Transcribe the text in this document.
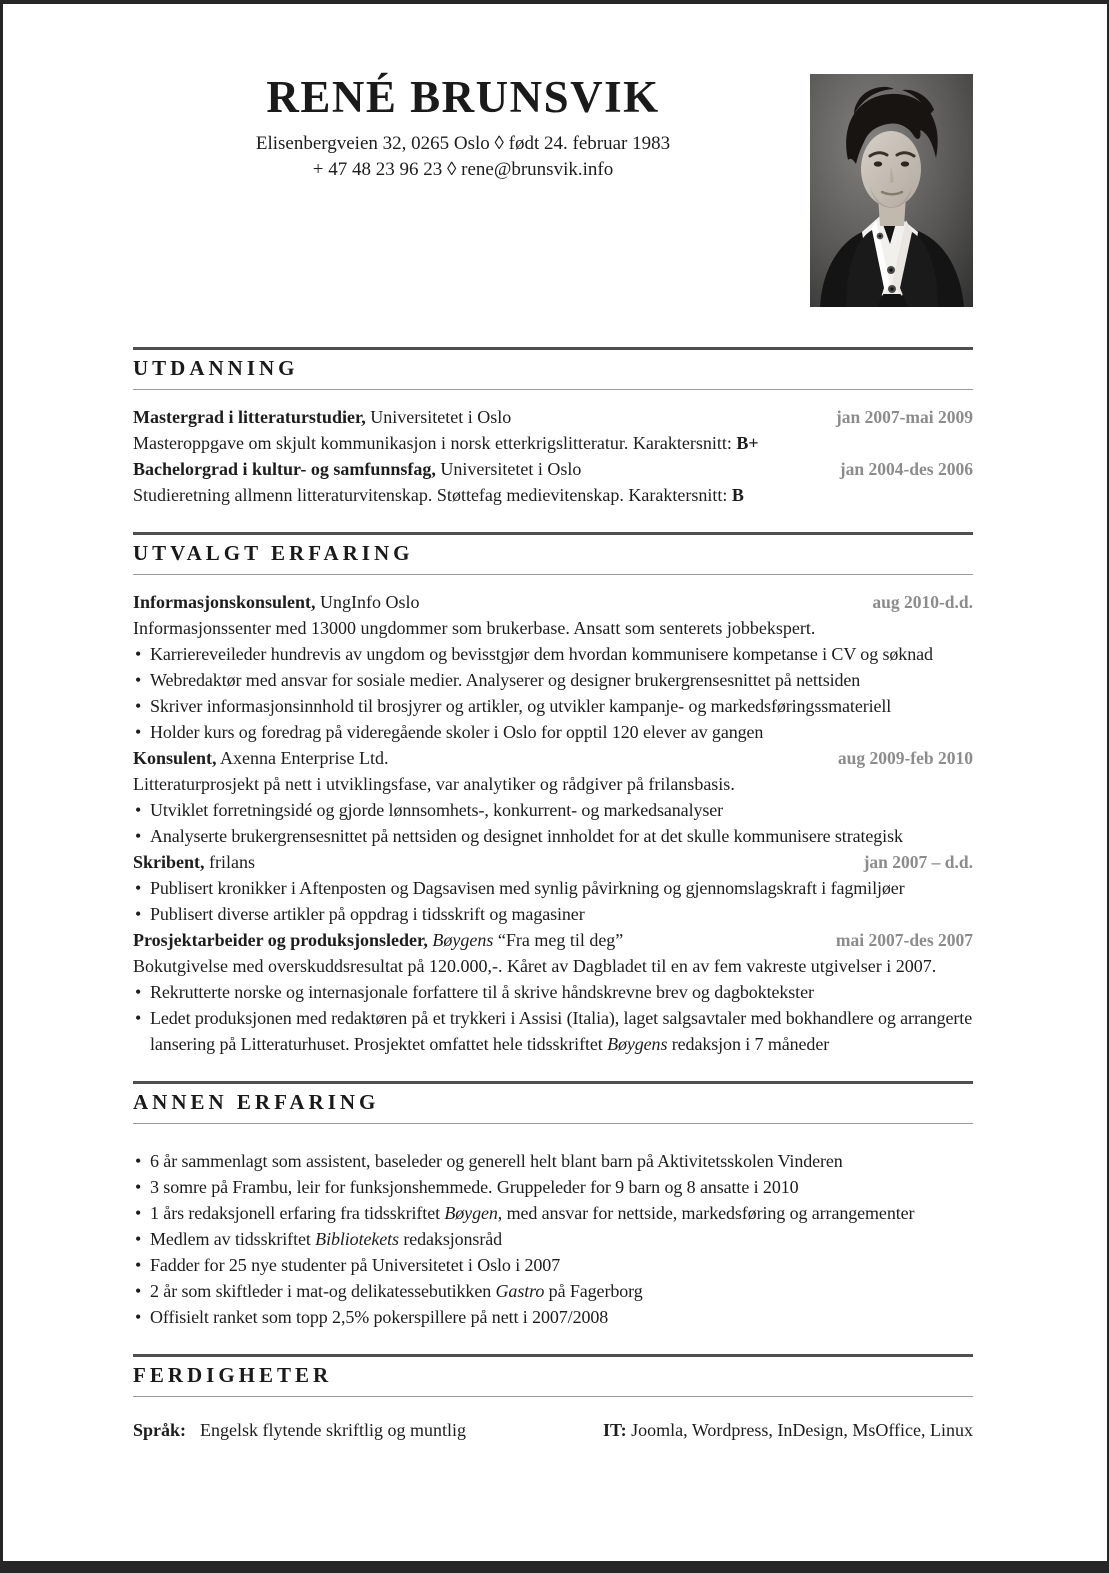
RENÉ BRUNSVIK

Elisenbergveien 32, 0265 Oslo ◊ født 24. februar 1983

+ 47 48 23 96 23 ◊ rene@brunsvik.info

UTDANNING
Mastergrad i litteraturstudier, Universitetet i Oslo	jan 2007-mai 2009

Masteroppgave om skjult kommunikasjon i norsk etterkrigslitteratur. Karaktersnitt: B+

Bachelorgrad i kultur- og samfunnsfag, Universitetet i Oslo	jan 2004-des 2006

Studieretning allmenn litteraturvitenskap. Støttefag medievitenskap. Karaktersnitt: B

UTVALGT ERFARING
Informasjonskonsulent, UngInfo Oslo	aug 2010-d.d.

Informasjonssenter med 13000 ungdommer som brukerbase. Ansatt som senterets jobbekspert.

• Karriereveileder hundrevis av ungdom og bevisstgjør dem hvordan kommunisere kompetanse i CV og søknad
• Webredaktør med ansvar for sosiale medier. Analyserer og designer brukergrensesnittet på nettsiden
• Skriver informasjonsinnhold til brosjyrer og artikler, og utvikler kampanje- og markedsføringssmateriell
• Holder kurs og foredrag på videregående skoler i Oslo for opptil 120 elever av gangen
Konsulent, Axenna Enterprise Ltd.	aug 2009-feb 2010

Litteraturprosjekt på nett i utviklingsfase, var analytiker og rådgiver på frilansbasis.

• Utviklet forretningsidé og gjorde lønnsomhets-, konkurrent- og markedsanalyser
• Analyserte brukergrensesnittet på nettsiden og designet innholdet for at det skulle kommunisere strategisk
Skribent, frilans	jan 2007 – d.d.
• Publisert kronikker i Aftenposten og Dagsavisen med synlig påvirkning og gjennomslagskraft i fagmiljøer
• Publisert diverse artikler på oppdrag i tidsskrift og magasiner
Prosjektarbeider og produksjonsleder, Bøygens “Fra meg til deg”	mai 2007-des 2007

Bokutgivelse med overskuddsresultat på 120.000,-. Kåret av Dagbladet til en av fem vakreste utgivelser i 2007.

• Rekrutterte norske og internasjonale forfattere til å skrive håndskrevne brev og dagboktekster
• Ledet produksjonen med redaktøren på et trykkeri i Assisi (Italia), laget salgsavtaler med bokhandlere og arrangerte lansering på Litteraturhuset. Prosjektet omfattet hele tidsskriftet Bøygens redaksjon i 7 måneder
ANNEN ERFARING
• 6 år sammenlagt som assistent, baseleder og generell helt blant barn på Aktivitetsskolen Vinderen
• 3 somre på Frambu, leir for funksjonshemmede. Gruppeleder for 9 barn og 8 ansatte i 2010
• 1 års redaksjonell erfaring fra tidsskriftet Bøygen, med ansvar for nettside, markedsføring og arrangementer
• Medlem av tidsskriftet Bibliotekets redaksjonsråd
• Fadder for 25 nye studenter på Universitetet i Oslo i 2007
• 2 år som skiftleder i mat-og delikatessebutikken Gastro på Fagerborg
• Offisielt ranket som topp 2,5% pokerspillere på nett i 2007/2008
FERDIGHETER
Språk: Engelsk flytende skriftlig og muntlig	IT: Joomla, Wordpress, InDesign, MsOffice, Linux
